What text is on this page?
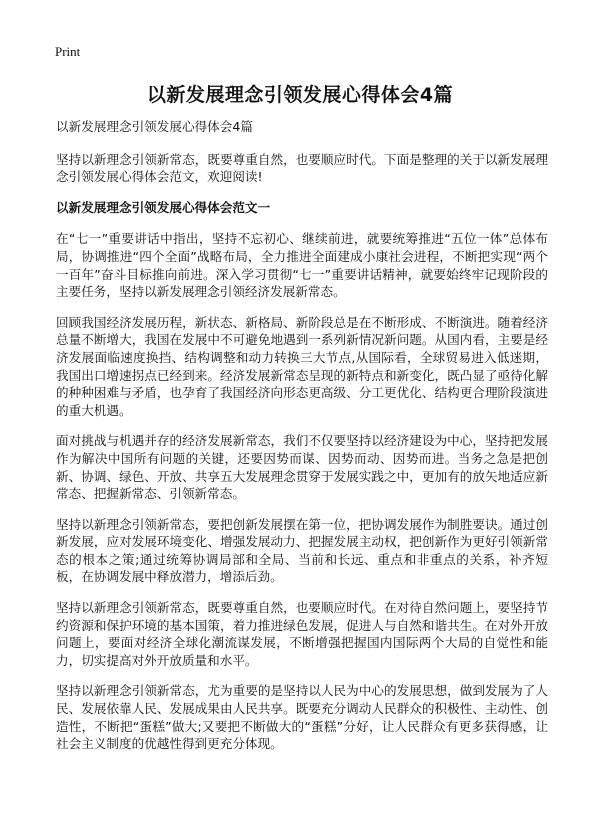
Print
以新发展理念引领发展心得体会4篇

以新发展理念引领发展心得体会4篇

坚持以新理念引领新常态，既要尊重自然，也要顺应时代。下面是整理的关于以新发展理念引领发展心得体会范文，欢迎阅读!

以新发展理念引领发展心得体会范文一

在“七一”重要讲话中指出，坚持不忘初心、继续前进，就要统筹推进“五位一体”总体布局，协调推进“四个全面”战略布局，全力推进全面建成小康社会进程，不断把实现“两个一百年”奋斗目标推向前进。深入学习贯彻“七一”重要讲话精神，就要始终牢记现阶段的主要任务，坚持以新发展理念引领经济发展新常态。

回顾我国经济发展历程，新状态、新格局、新阶段总是在不断形成、不断演进。随着经济总量不断增大，我国在发展中不可避免地遇到一系列新情况新问题。从国内看，主要是经济发展面临速度换挡、结构调整和动力转换三大节点,从国际看，全球贸易进入低迷期，我国出口增速拐点已经到来。经济发展新常态呈现的新特点和新变化，既凸显了亟待化解的种种困难与矛盾，也孕育了我国经济向形态更高级、分工更优化、结构更合理阶段演进的重大机遇。

面对挑战与机遇并存的经济发展新常态，我们不仅要坚持以经济建设为中心，坚持把发展作为解决中国所有问题的关键，还要因势而谋、因势而动、因势而进。当务之急是把创新、协调、绿色、开放、共享五大发展理念贯穿于发展实践之中，更加有的放矢地适应新常态、把握新常态、引领新常态。

坚持以新理念引领新常态，要把创新发展摆在第一位，把协调发展作为制胜要诀。通过创新发展，应对发展环境变化、增强发展动力、把握发展主动权，把创新作为更好引领新常态的根本之策;通过统筹协调局部和全局、当前和长远、重点和非重点的关系，补齐短板，在协调发展中释放潜力，增添后劲。

坚持以新理念引领新常态，既要尊重自然，也要顺应时代。在对待自然问题上，要坚持节约资源和保护环境的基本国策，着力推进绿色发展，促进人与自然和谐共生。在对外开放问题上，要面对经济全球化潮流谋发展，不断增强把握国内国际两个大局的自觉性和能力，切实提高对外开放质量和水平。

坚持以新理念引领新常态，尤为重要的是坚持以人民为中心的发展思想，做到发展为了人民、发展依靠人民、发展成果由人民共享。既要充分调动人民群众的积极性、主动性、创造性，不断把“蛋糕”做大;又要把不断做大的“蛋糕”分好，让人民群众有更多获得感，让社会主义制度的优越性得到更充分体现。
